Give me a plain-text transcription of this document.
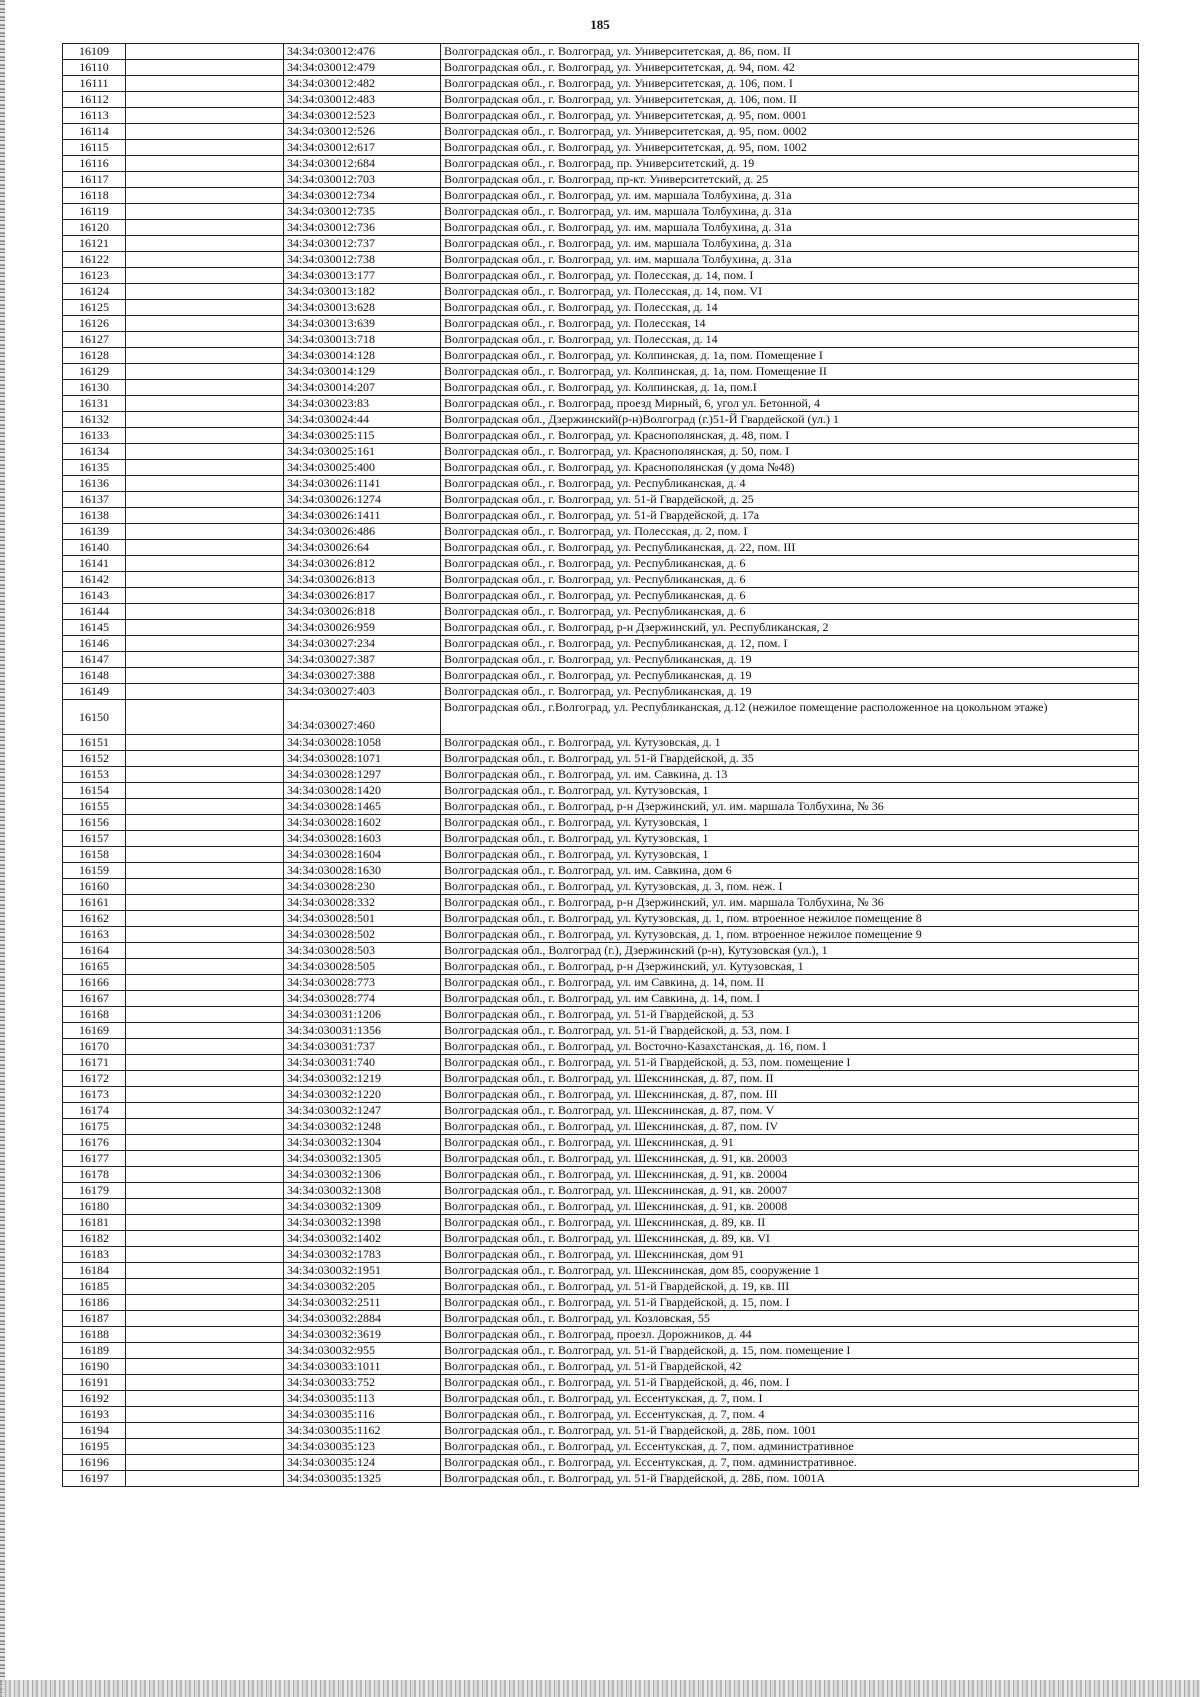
185
16109		34:34:030012:476	Волгоградская обл., г. Волгоград, ул. Университетская, д. 86, пом. II
16110		34:34:030012:479	Волгоградская обл., г. Волгоград, ул. Университетская, д. 94, пом. 42
16111		34:34:030012:482	Волгоградская обл., г. Волгоград, ул. Университетская, д. 106, пом. I
16112		34:34:030012:483	Волгоградская обл., г. Волгоград, ул. Университетская, д. 106, пом. II
16113		34:34:030012:523	Волгоградская обл., г. Волгоград, ул. Университетская, д. 95, пом. 0001
16114		34:34:030012:526	Волгоградская обл., г. Волгоград, ул. Университетская, д. 95, пом. 0002
16115		34:34:030012:617	Волгоградская обл., г. Волгоград, ул. Университетская, д. 95, пом. 1002
16116		34:34:030012:684	Волгоградская обл., г. Волгоград, пр. Университетский, д. 19
16117		34:34:030012:703	Волгоградская обл., г. Волгоград, пр-кт. Университетский, д. 25
16118		34:34:030012:734	Волгоградская обл., г. Волгоград, ул. им. маршала Толбухина, д. 31а
16119		34:34:030012:735	Волгоградская обл., г. Волгоград, ул. им. маршала Толбухина, д. 31а
16120		34:34:030012:736	Волгоградская обл., г. Волгоград, ул. им. маршала Толбухина, д. 31а
16121		34:34:030012:737	Волгоградская обл., г. Волгоград, ул. им. маршала Толбухина, д. 31а
16122		34:34:030012:738	Волгоградская обл., г. Волгоград, ул. им. маршала Толбухина, д. 31а
16123		34:34:030013:177	Волгоградская обл., г. Волгоград, ул. Полесская, д. 14, пом. I
16124		34:34:030013:182	Волгоградская обл., г. Волгоград, ул. Полесская, д. 14, пом. VI
16125		34:34:030013:628	Волгоградская обл., г. Волгоград, ул. Полесская, д. 14
16126		34:34:030013:639	Волгоградская обл., г. Волгоград, ул. Полесская, 14
16127		34:34:030013:718	Волгоградская обл., г. Волгоград, ул. Полесская, д. 14
16128		34:34:030014:128	Волгоградская обл., г. Волгоград, ул. Колпинская, д. 1а, пом. Помещение I
16129		34:34:030014:129	Волгоградская обл., г. Волгоград, ул. Колпинская, д. 1а, пом. Помещение II
16130		34:34:030014:207	Волгоградская обл., г. Волгоград, ул. Колпинская, д. 1а, пом.I
16131		34:34:030023:83	Волгоградская обл., г. Волгоград, проезд Мирный, 6, угол ул. Бетонной, 4
16132		34:34:030024:44	Волгоградская обл., Дзержинский(р-н)Волгоград (г.)51-Й Гвардейской (ул.) 1
16133		34:34:030025:115	Волгоградская обл., г. Волгоград, ул. Краснополянская, д. 48, пом. I
16134		34:34:030025:161	Волгоградская обл., г. Волгоград, ул. Краснополянская, д. 50, пом. I
16135		34:34:030025:400	Волгоградская обл., г. Волгоград, ул. Краснополянская (у дома №48)
16136		34:34:030026:1141	Волгоградская обл., г. Волгоград, ул. Республиканская, д. 4
16137		34:34:030026:1274	Волгоградская обл., г. Волгоград, ул. 51-й Гвардейской, д. 25
16138		34:34:030026:1411	Волгоградская обл., г. Волгоград, ул. 51-й Гвардейской, д. 17а
16139		34:34:030026:486	Волгоградская обл., г. Волгоград, ул. Полесская, д. 2, пом. I
16140		34:34:030026:64	Волгоградская обл., г. Волгоград, ул. Республиканская, д. 22, пом. III
16141		34:34:030026:812	Волгоградская обл., г. Волгоград, ул. Республиканская, д. 6
16142		34:34:030026:813	Волгоградская обл., г. Волгоград, ул. Республиканская, д. 6
16143		34:34:030026:817	Волгоградская обл., г. Волгоград, ул. Республиканская, д. 6
16144		34:34:030026:818	Волгоградская обл., г. Волгоград, ул. Республиканская, д. 6
16145		34:34:030026:959	Волгоградская обл., г. Волгоград, р-н Дзержинский, ул. Республиканская, 2
16146		34:34:030027:234	Волгоградская обл., г. Волгоград, ул. Республиканская, д. 12, пом. I
16147		34:34:030027:387	Волгоградская обл., г. Волгоград, ул. Республиканская, д. 19
16148		34:34:030027:388	Волгоградская обл., г. Волгоград, ул. Республиканская, д. 19
16149		34:34:030027:403	Волгоградская обл., г. Волгоград, ул. Республиканская, д. 19
16150		34:34:030027:460	Волгоградская обл., г.Волгоград, ул. Республиканская, д.12 (нежилое помещение расположенное на цокольном этаже)
16151		34:34:030028:1058	Волгоградская обл., г. Волгоград, ул. Кутузовская, д. 1
16152		34:34:030028:1071	Волгоградская обл., г. Волгоград, ул. 51-й Гвардейской, д. 35
16153		34:34:030028:1297	Волгоградская обл., г. Волгоград, ул. им. Савкина, д. 13
16154		34:34:030028:1420	Волгоградская обл., г. Волгоград, ул. Кутузовская, 1
16155		34:34:030028:1465	Волгоградская обл., г. Волгоград, р-н Дзержинский, ул. им. маршала Толбухина, № 36
16156		34:34:030028:1602	Волгоградская обл., г. Волгоград, ул. Кутузовская, 1
16157		34:34:030028:1603	Волгоградская обл., г. Волгоград, ул. Кутузовская, 1
16158		34:34:030028:1604	Волгоградская обл., г. Волгоград, ул. Кутузовская, 1
16159		34:34:030028:1630	Волгоградская обл., г. Волгоград, ул. им. Савкина, дом 6
16160		34:34:030028:230	Волгоградская обл., г. Волгоград, ул. Кутузовская, д. 3, пом. неж. I
16161		34:34:030028:332	Волгоградская обл., г. Волгоград, р-н Дзержинский, ул. им. маршала Толбухина, № 36
16162		34:34:030028:501	Волгоградская обл., г. Волгоград, ул. Кутузовская, д. 1, пом. втроенное нежилое помещение 8
16163		34:34:030028:502	Волгоградская обл., г. Волгоград, ул. Кутузовская, д. 1, пом. втроенное нежилое помещение 9
16164		34:34:030028:503	Волгоградская обл., Волгоград (г.), Дзержинский (р-н), Кутузовская (ул.), 1
16165		34:34:030028:505	Волгоградская обл., г. Волгоград, р-н Дзержинский, ул. Кутузовская, 1
16166		34:34:030028:773	Волгоградская обл., г. Волгоград, ул. им Савкина, д. 14, пом. II
16167		34:34:030028:774	Волгоградская обл., г. Волгоград, ул. им Савкина, д. 14, пом. I
16168		34:34:030031:1206	Волгоградская обл., г. Волгоград, ул. 51-й Гвардейской, д. 53
16169		34:34:030031:1356	Волгоградская обл., г. Волгоград, ул. 51-й Гвардейской, д. 53, пом. I
16170		34:34:030031:737	Волгоградская обл., г. Волгоград, ул. Восточно-Казахстанская, д. 16, пом. I
16171		34:34:030031:740	Волгоградская обл., г. Волгоград, ул. 51-й Гвардейской, д. 53, пом. помещение I
16172		34:34:030032:1219	Волгоградская обл., г. Волгоград, ул. Шекснинская, д. 87, пом. II
16173		34:34:030032:1220	Волгоградская обл., г. Волгоград, ул. Шекснинская, д. 87, пом. III
16174		34:34:030032:1247	Волгоградская обл., г. Волгоград, ул. Шекснинская, д. 87, пом. V
16175		34:34:030032:1248	Волгоградская обл., г. Волгоград, ул. Шекснинская, д. 87, пом. IV
16176		34:34:030032:1304	Волгоградская обл., г. Волгоград, ул. Шекснинская, д. 91
16177		34:34:030032:1305	Волгоградская обл., г. Волгоград, ул. Шекснинская, д. 91, кв. 20003
16178		34:34:030032:1306	Волгоградская обл., г. Волгоград, ул. Шекснинская, д. 91, кв. 20004
16179		34:34:030032:1308	Волгоградская обл., г. Волгоград, ул. Шекснинская, д. 91, кв. 20007
16180		34:34:030032:1309	Волгоградская обл., г. Волгоград, ул. Шекснинская, д. 91, кв. 20008
16181		34:34:030032:1398	Волгоградская обл., г. Волгоград, ул. Шекснинская, д. 89, кв. II
16182		34:34:030032:1402	Волгоградская обл., г. Волгоград, ул. Шекснинская, д. 89, кв. VI
16183		34:34:030032:1783	Волгоградская обл., г. Волгоград, ул. Шекснинская, дом 91
16184		34:34:030032:1951	Волгоградская обл., г. Волгоград, ул. Шекснинская, дом 85, сооружение 1
16185		34:34:030032:205	Волгоградская обл., г. Волгоград, ул. 51-й Гвардейской, д. 19, кв. III
16186		34:34:030032:2511	Волгоградская обл., г. Волгоград, ул. 51-й Гвардейской, д. 15, пом. I
16187		34:34:030032:2884	Волгоградская обл., г. Волгоград, ул. Козловская, 55
16188		34:34:030032:3619	Волгоградская обл., г. Волгоград, проезл. Дорожников, д. 44
16189		34:34:030032:955	Волгоградская обл., г. Волгоград, ул. 51-й Гвардейской, д. 15, пом. помещение I
16190		34:34:030033:1011	Волгоградская обл., г. Волгоград, ул. 51-й Гвардейской, 42
16191		34:34:030033:752	Волгоградская обл., г. Волгоград, ул. 51-й Гвардейской, д. 46, пом. I
16192		34:34:030035:113	Волгоградская обл., г. Волгоград, ул. Ессентукская, д. 7, пом. I
16193		34:34:030035:116	Волгоградская обл., г. Волгоград, ул. Ессентукская, д. 7, пом. 4
16194		34:34:030035:1162	Волгоградская обл., г. Волгоград, ул. 51-й Гвардейской, д. 28Б, пом. 1001
16195		34:34:030035:123	Волгоградская обл., г. Волгоград, ул. Ессентукская, д. 7, пом. административное
16196		34:34:030035:124	Волгоградская обл., г. Волгоград, ул. Ессентукская, д. 7, пом. административное.
16197		34:34:030035:1325	Волгоградская обл., г. Волгоград, ул. 51-й Гвардейской, д. 28Б, пом. 1001А
